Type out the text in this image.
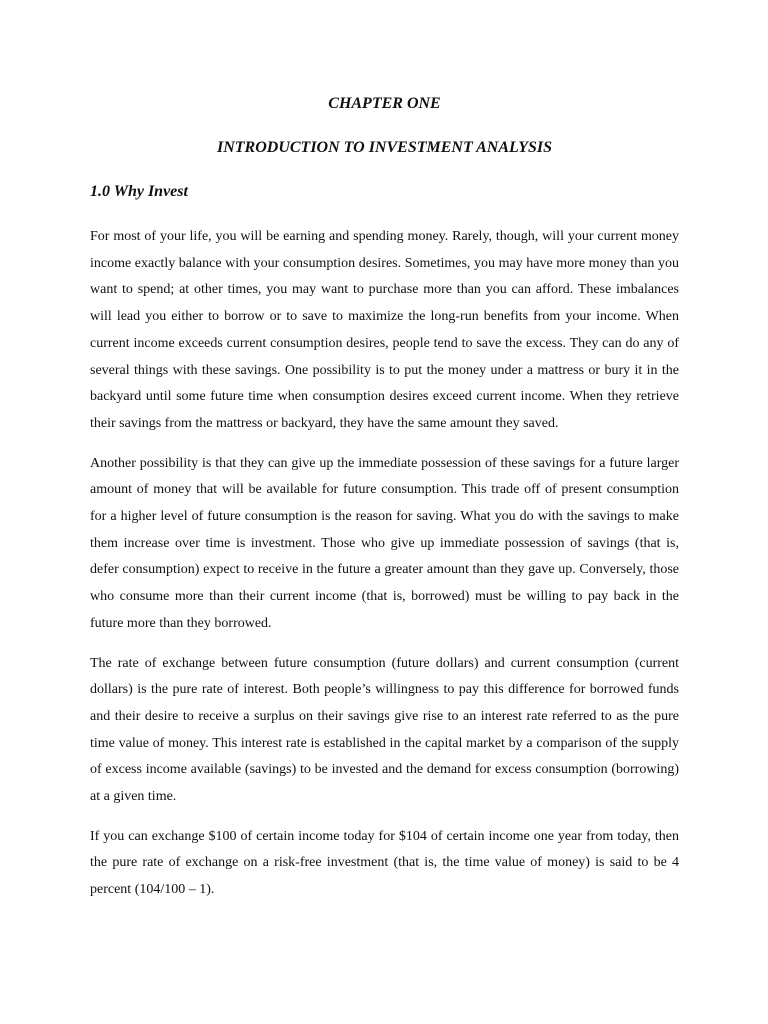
CHAPTER ONE
INTRODUCTION TO INVESTMENT ANALYSIS
1.0 Why Invest

For most of your life, you will be earning and spending money. Rarely, though, will your current money income exactly balance with your consumption desires. Sometimes, you may have more money than you want to spend; at other times, you may want to purchase more than you can afford. These imbalances will lead you either to borrow or to save to maximize the long-run benefits from your income. When current income exceeds current consumption desires, people tend to save the excess. They can do any of several things with these savings. One possibility is to put the money under a mattress or bury it in the backyard until some future time when consumption desires exceed current income. When they retrieve their savings from the mattress or backyard, they have the same amount they saved.

Another possibility is that they can give up the immediate possession of these savings for a future larger amount of money that will be available for future consumption. This trade off of present consumption for a higher level of future consumption is the reason for saving. What you do with the savings to make them increase over time is investment. Those who give up immediate possession of savings (that is, defer consumption) expect to receive in the future a greater amount than they gave up. Conversely, those who consume more than their current income (that is, borrowed) must be willing to pay back in the future more than they borrowed.

The rate of exchange between future consumption (future dollars) and current consumption (current dollars) is the pure rate of interest. Both people’s willingness to pay this difference for borrowed funds and their desire to receive a surplus on their savings give rise to an interest rate referred to as the pure time value of money. This interest rate is established in the capital market by a comparison of the supply of excess income available (savings) to be invested and the demand for excess consumption (borrowing) at a given time.

If you can exchange $100 of certain income today for $104 of certain income one year from today, then the pure rate of exchange on a risk-free investment (that is, the time value of money) is said to be 4 percent (104/100 – 1).
